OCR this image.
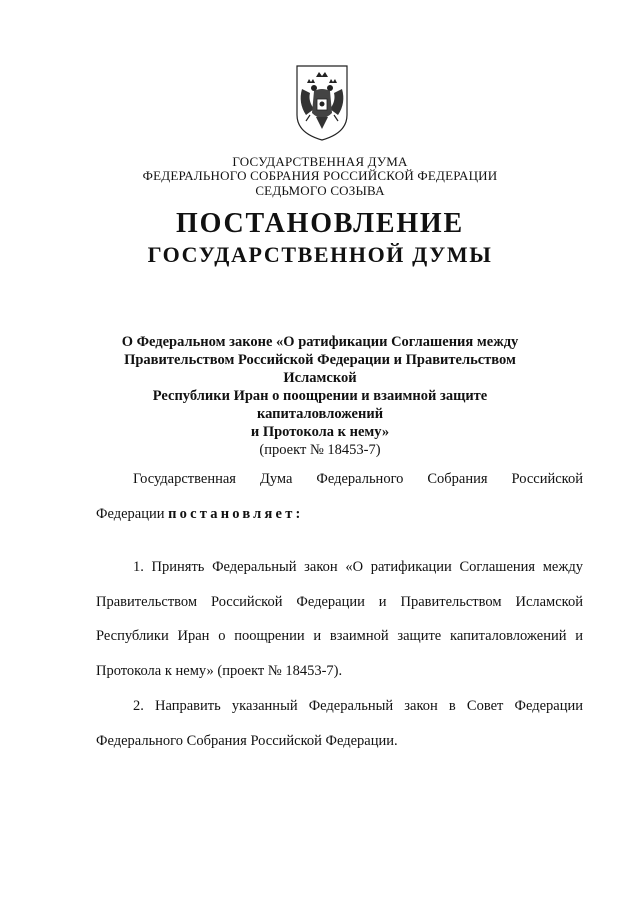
ГОСУДАРСТВЕННАЯ ДУМА

ФЕДЕРАЛЬНОГО СОБРАНИЯ РОССИЙСКОЙ ФЕДЕРАЦИИ

СЕДЬМОГО СОЗЫВА

ПОСТАНОВЛЕНИЕ
ГОСУДАРСТВЕННОЙ ДУМЫ
О Федеральном законе «О ратификации Соглашения между
Правительством Российской Федерации и Правительством Исламской
Республики Иран о поощрении и взаимной защите капиталовложений
и Протокола к нему»
(проект № 18453-7)

Государственная Дума Федерального Собрания Российской

Федерации постановляет:

1. Принять Федеральный закон «О ратификации Соглашения между

Правительством Российской Федерации и Правительством Исламской

Республики Иран о поощрении и взаимной защите капиталовложений и

Протокола к нему» (проект № 18453-7).

2. Направить указанный Федеральный закон в Совет Федерации

Федерального Собрания Российской Федерации.
